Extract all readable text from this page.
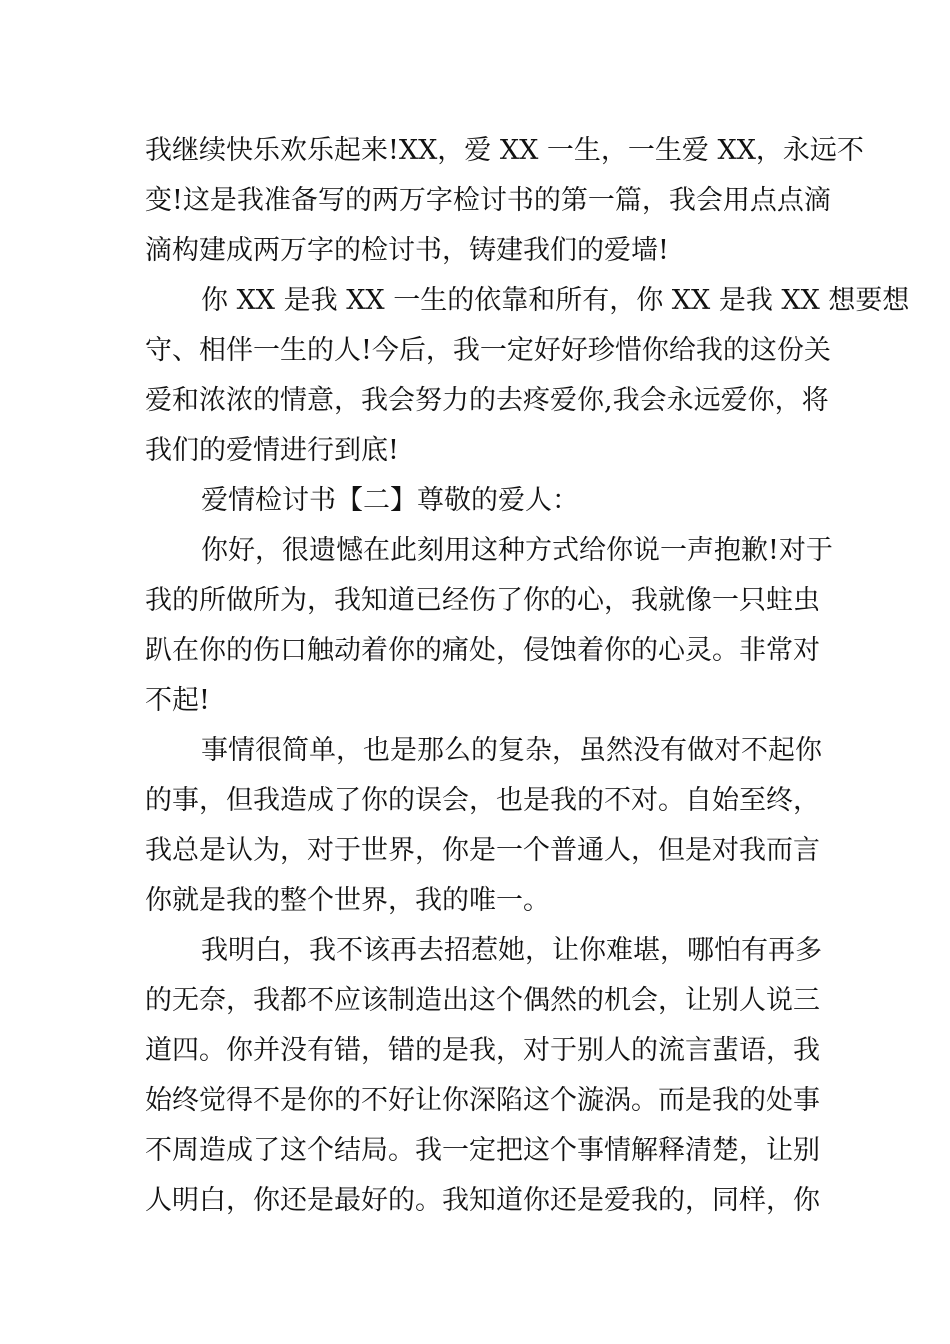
我继续快乐欢乐起来!XX，爱 XX 一生，一生爱 XX，永远不
变!这是我准备写的两万字检讨书的第一篇，我会用点点滴
滴构建成两万字的检讨书，铸建我们的爱墙!
你 XX 是我 XX 一生的依靠和所有，你 XX 是我 XX 想要想
守、相伴一生的人!今后，我一定好好珍惜你给我的这份关
爱和浓浓的情意，我会努力的去疼爱你,我会永远爱你，将
我们的爱情进行到底!
爱情检讨书【二】尊敬的爱人：
你好，很遗憾在此刻用这种方式给你说一声抱歉!对于
我的所做所为，我知道已经伤了你的心，我就像一只蛀虫
趴在你的伤口触动着你的痛处，侵蚀着你的心灵。非常对
不起!
事情很简单，也是那么的复杂，虽然没有做对不起你
的事，但我造成了你的误会，也是我的不对。自始至终，
我总是认为，对于世界，你是一个普通人，但是对我而言
你就是我的整个世界，我的唯一。
我明白，我不该再去招惹她，让你难堪，哪怕有再多
的无奈，我都不应该制造出这个偶然的机会，让别人说三
道四。你并没有错，错的是我，对于别人的流言蜚语，我
始终觉得不是你的不好让你深陷这个漩涡。而是我的处事
不周造成了这个结局。我一定把这个事情解释清楚，让别
人明白，你还是最好的。我知道你还是爱我的，同样，你
